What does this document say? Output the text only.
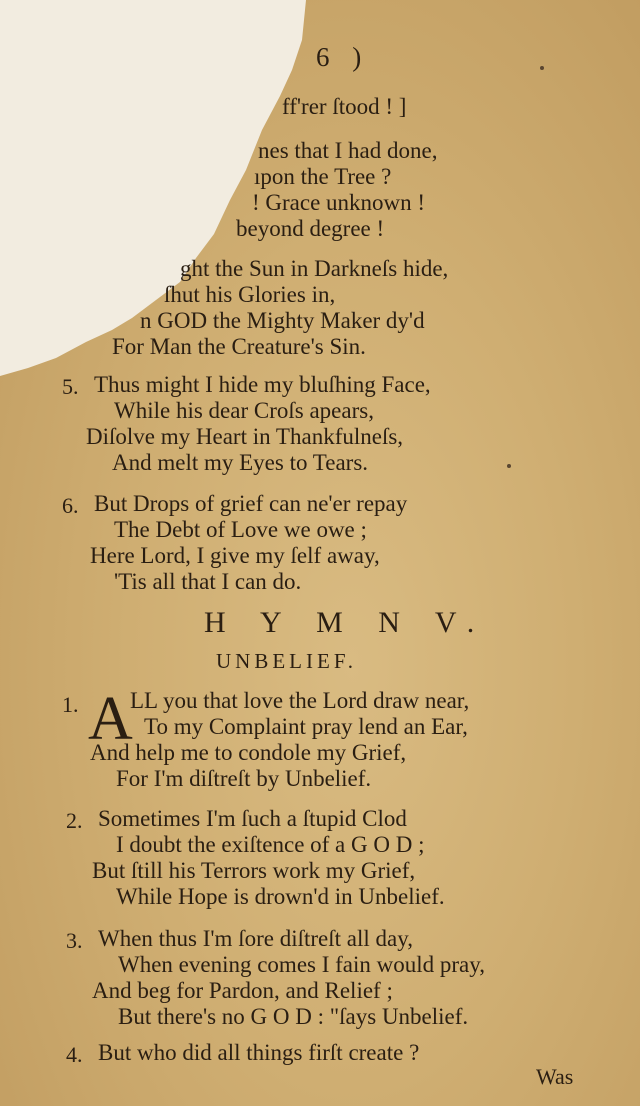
6 )
ff'rer ſtood ! ]
nes that I had done,
ıpon the Tree ?
! Grace unknown !
beyond degree !
ght the Sun in Darkneſs hide,
ſhut his Glories in,
n GOD the Mighty Maker dy'd
For Man the Creature's Sin.
5. Thus might I hide my bluſhing Face,
While his dear Croſs apears,
Diſolve my Heart in Thankfulneſs,
And melt my Eyes to Tears.
6. But Drops of grief can ne'er repay
The Debt of Love we owe ;
Here Lord, I give my ſelf away,
'Tis all that I can do.
H Y M N V.
UNBELIEF.
1. A
LL you that love the Lord draw near,
To my Complaint pray lend an Ear,
And help me to condole my Grief,
For I'm diſtreſt by Unbelief.
2. Sometimes I'm ſuch a ſtupid Clod
I doubt the exiſtence of a G O D ;
But ſtill his Terrors work my Grief,
While Hope is drown'd in Unbelief.
3. When thus I'm ſore diſtreſt all day,
When evening comes I fain would pray,
And beg for Pardon, and Relief ;
But there's no G O D : "ſays Unbelief.
4. But who did all things firſt create ?
Was
